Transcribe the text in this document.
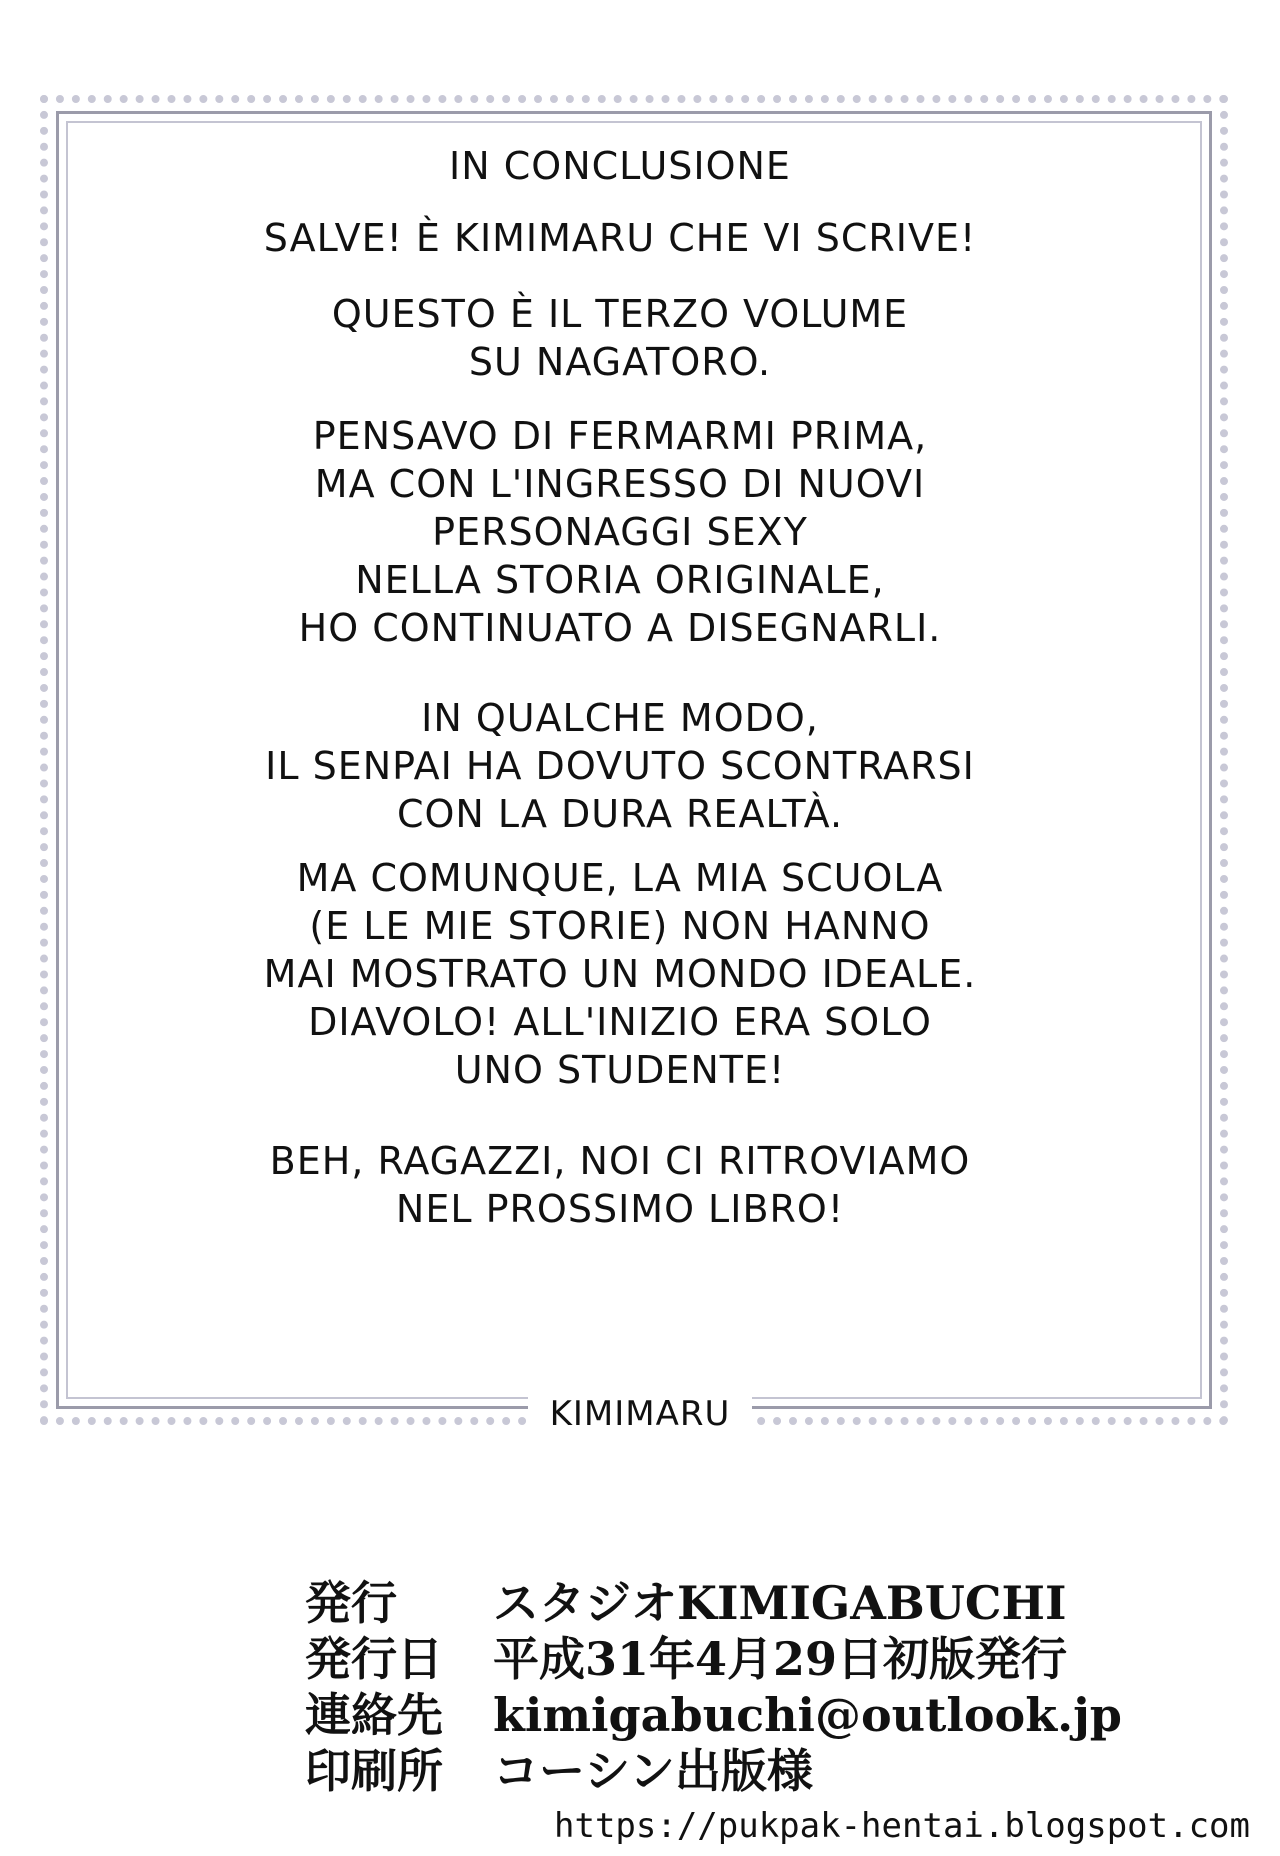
IN CONCLUSIONE
SALVE! È KIMIMARU CHE VI SCRIVE!
QUESTO È IL TERZO VOLUME
SU NAGATORO.
PENSAVO DI FERMARMI PRIMA,
MA CON L'INGRESSO DI NUOVI
PERSONAGGI SEXY
NELLA STORIA ORIGINALE,
HO CONTINUATO A DISEGNARLI.
IN QUALCHE MODO,
IL SENPAI HA DOVUTO SCONTRARSI
CON LA DURA REALTÀ.
MA COMUNQUE, LA MIA SCUOLA
(E LE MIE STORIE) NON HANNO
MAI MOSTRATO UN MONDO IDEALE.
DIAVOLO! ALL'INIZIO ERA SOLO
UNO STUDENTE!
BEH, RAGAZZI, NOI CI RITROVIAMO
NEL PROSSIMO LIBRO!
KIMIMARU
発行	スタジオKIMIGABUCHI
発行日	平成31年4月29日初版発行
連絡先	kimigabuchi@outlook.jp
印刷所	コーシン出版様
https://pukpak-hentai.blogspot.com
